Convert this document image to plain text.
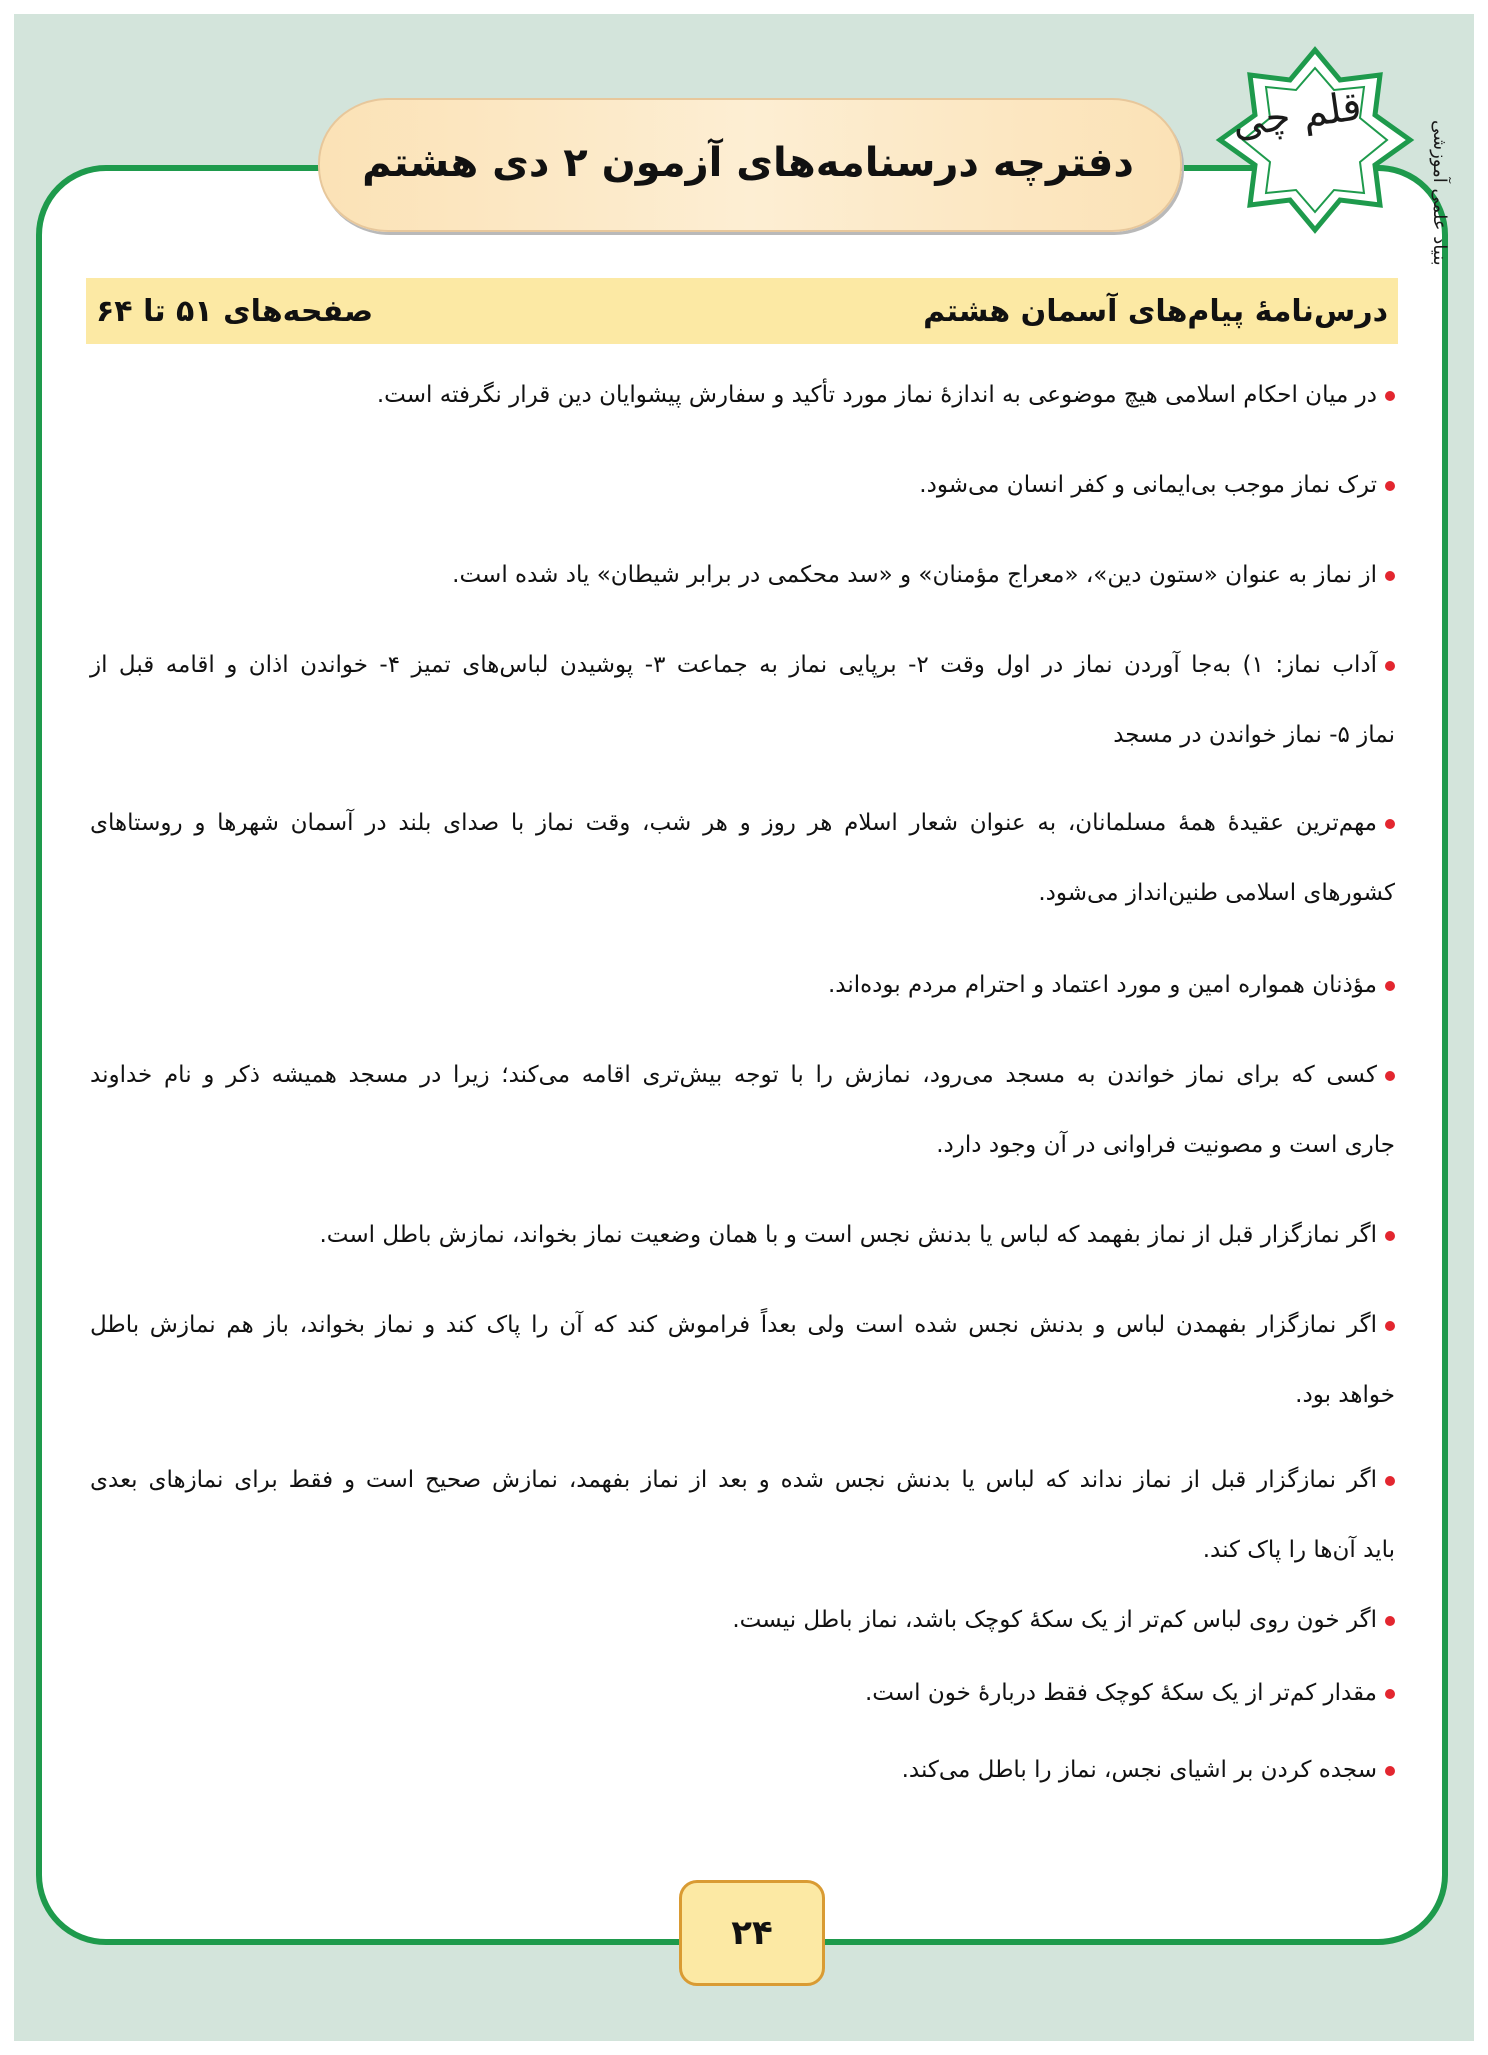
قلم چی
بنیاد علمی آموزشی
دفترچه درسنامه‌های آزمون ۲ دی هشتم
درس‌نامهٔ پیام‌های آسمان هشتم
صفحه‌های ۵۱ تا ۶۴
در میان احکام اسلامی هیچ موضوعی به اندازهٔ نماز مورد تأکید و سفارش پیشوایان دین قرار نگرفته است.
ترک نماز موجب بی‌ایمانی و کفر انسان می‌شود.
از نماز به عنوان «ستون دین»، «معراج مؤمنان» و «سد محکمی در برابر شیطان» یاد شده است.
آداب نماز: ۱) به‌جا آوردن نماز در اول وقت ۲- برپایی نماز به جماعت ۳- پوشیدن لباس‌های تمیز ۴- خواندن اذان و اقامه قبل از
نماز ۵- نماز خواندن در مسجد
مهم‌ترین عقیدهٔ همهٔ مسلمانان، به عنوان شعار اسلام هر روز و هر شب، وقت نماز با صدای بلند در آسمان شهرها و روستاهای
کشورهای اسلامی طنین‌انداز می‌شود.
مؤذنان همواره امین و مورد اعتماد و احترام مردم بوده‌اند.
کسی که برای نماز خواندن به مسجد می‌رود، نمازش را با توجه بیش‌تری اقامه می‌کند؛ زیرا در مسجد همیشه ذکر و نام خداوند
جاری است و مصونیت فراوانی در آن وجود دارد.
اگر نمازگزار قبل از نماز بفهمد که لباس یا بدنش نجس است و با همان وضعیت نماز بخواند، نمازش باطل است.
اگر نمازگزار بفهمدن لباس و بدنش نجس شده است ولی بعداً فراموش کند که آن را پاک کند و نماز بخواند، باز هم نمازش باطل
خواهد بود.
اگر نمازگزار قبل از نماز نداند که لباس یا بدنش نجس شده و بعد از نماز بفهمد، نمازش صحیح است و فقط برای نمازهای بعدی
باید آن‌ها را پاک کند.
اگر خون روی لباس کم‌تر از یک سکهٔ کوچک باشد، نماز باطل نیست.
مقدار کم‌تر از یک سکهٔ کوچک فقط دربارهٔ خون است.
سجده کردن بر اشیای نجس، نماز را باطل می‌کند.
۲۴
